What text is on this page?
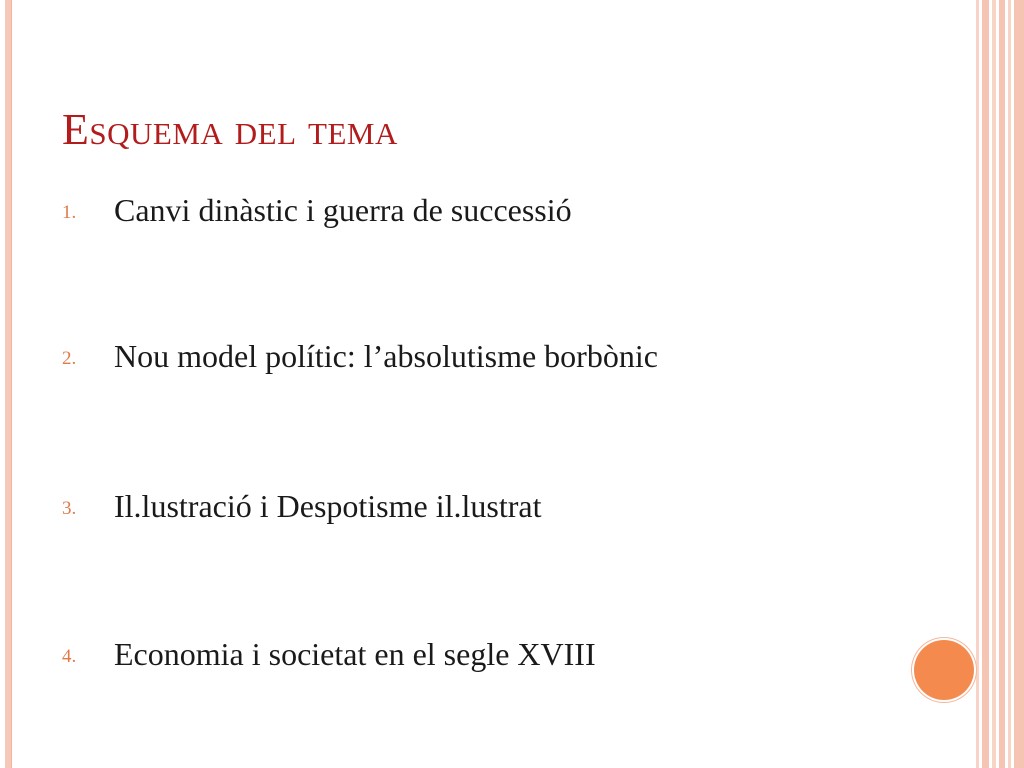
Esquema del tema
1. Canvi dinàstic i guerra de successió
2. Nou model polític: l’absolutisme borbònic
3. Il.lustració i Despotisme il.lustrat
4. Economia i societat en el segle XVIII
